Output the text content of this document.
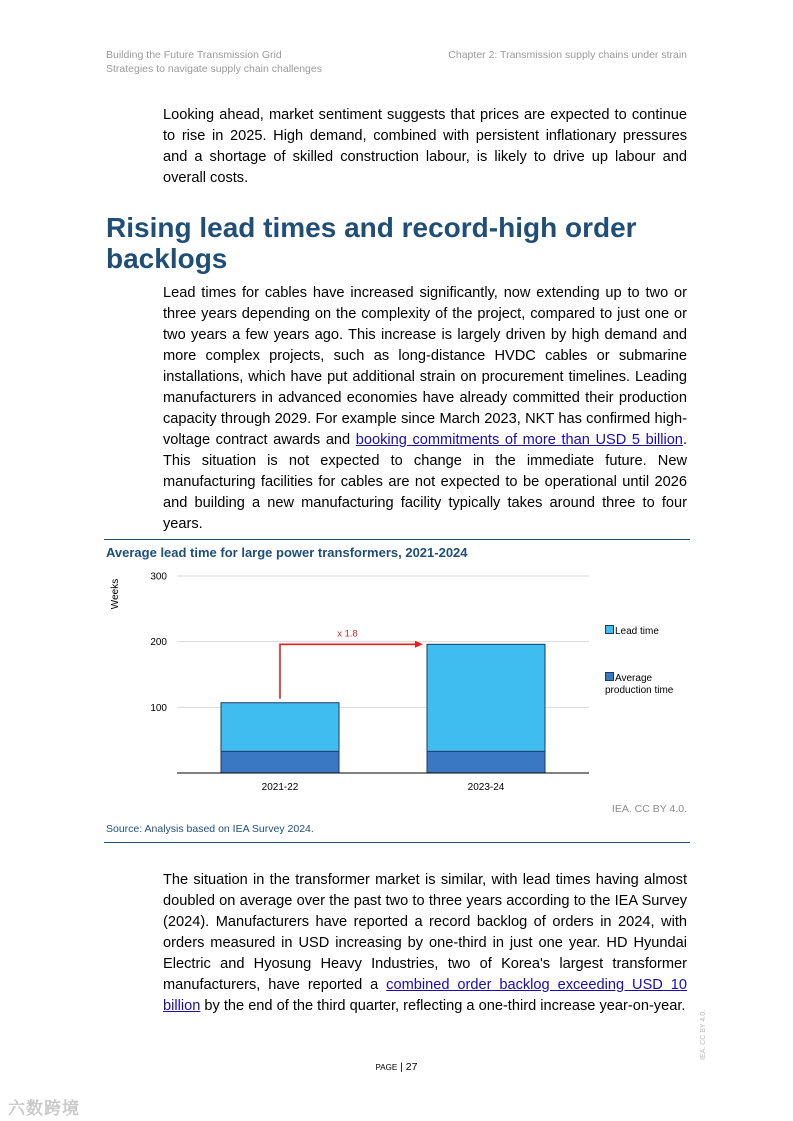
Building the Future Transmission Grid
Strategies to navigate supply chain challenges
Chapter 2: Transmission supply chains under strain

Looking ahead, market sentiment suggests that prices are expected to continue to rise in 2025. High demand, combined with persistent inflationary pressures and a shortage of skilled construction labour, is likely to drive up labour and overall costs.

Rising lead times and record-high order backlogs

Lead times for cables have increased significantly, now extending up to two or three years depending on the complexity of the project, compared to just one or two years a few years ago. This increase is largely driven by high demand and more complex projects, such as long-distance HVDC cables or submarine installations, which have put additional strain on procurement timelines. Leading manufacturers in advanced economies have already committed their production capacity through 2029. For example since March 2023, NKT has confirmed high-voltage contract awards and booking commitments of more than USD 5 billion. This situation is not expected to change in the immediate future. New manufacturing facilities for cables are not expected to be operational until 2026 and building a new manufacturing facility typically takes around three to four years.

Average lead time for large power transformers, 2021-2024
100
200
300
Weeks
2021-22	2023-24
x 1.8	Lead time
Average production time
IEA. CC BY 4.0.
Source: Analysis based on IEA Survey 2024.

The situation in the transformer market is similar, with lead times having almost doubled on average over the past two to three years according to the IEA Survey (2024). Manufacturers have reported a record backlog of orders in 2024, with orders measured in USD increasing by one-third in just one year. HD Hyundai Electric and Hyosung Heavy Industries, two of Korea's largest transformer manufacturers, have reported a combined order backlog exceeding USD 10 billion by the end of the third quarter, reflecting a one-third increase year-on-year.

PAGE | 27
IEA. CC BY 4.0.
六数跨境
